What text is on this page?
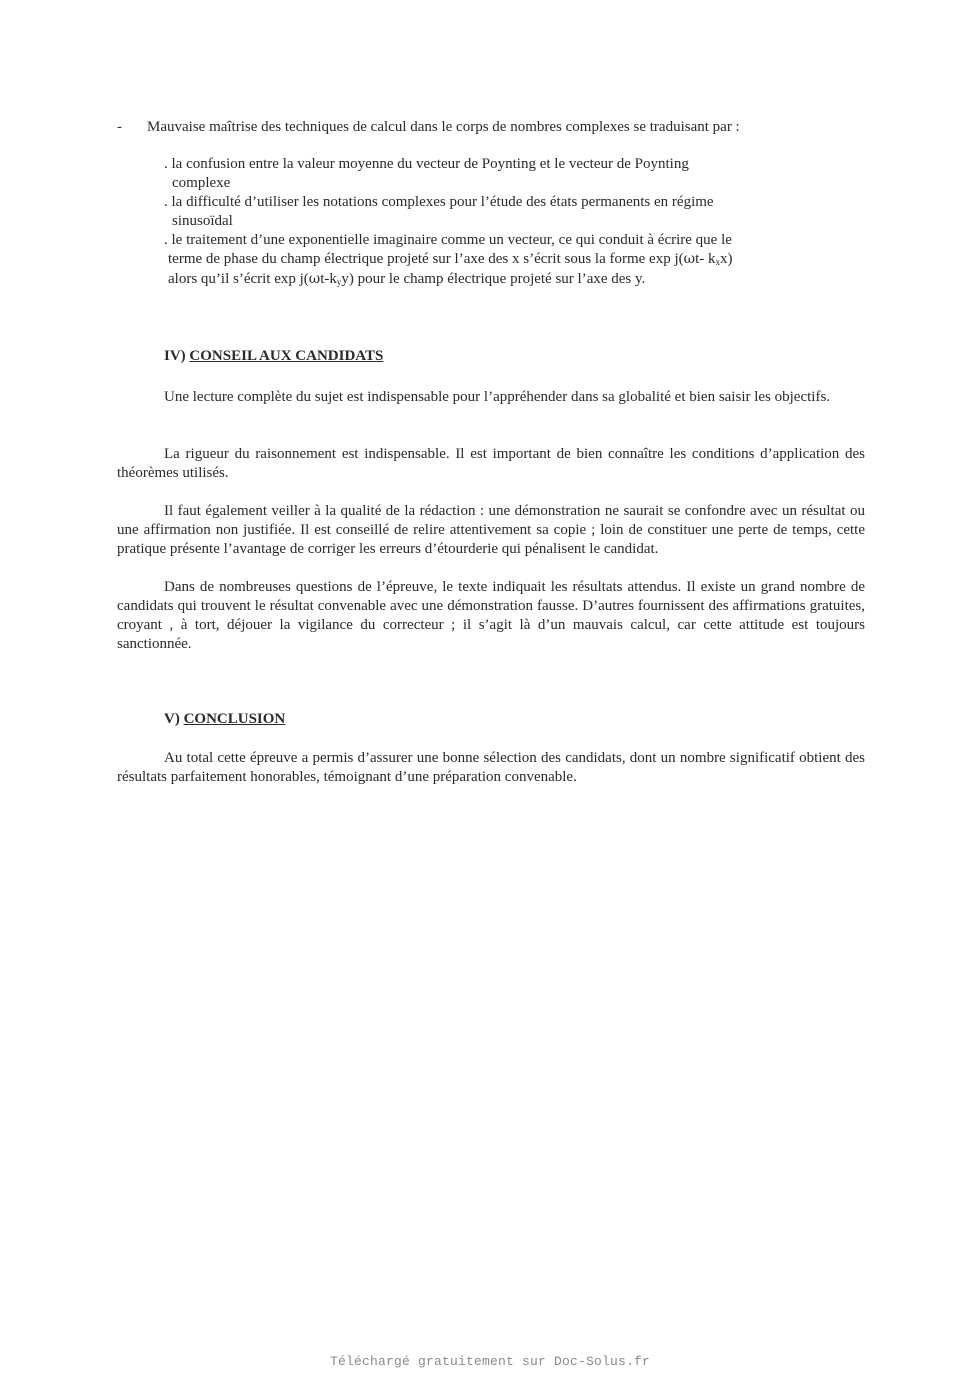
- Mauvaise maîtrise des techniques de calcul dans le corps de nombres complexes se traduisant par :
. la confusion entre la valeur moyenne du vecteur de Poynting et le vecteur de Poynting
complexe
. la difficulté d’utiliser les notations complexes pour l’étude des états permanents en régime
sinusoïdal
. le traitement d’une exponentielle imaginaire comme un vecteur, ce qui conduit à écrire que le
terme de phase du champ électrique projeté sur l’axe des x s’écrit sous la forme exp j(ωt- $k_xx$)
alors qu’il s’écrit $\exp j(\omega t-k_yy)$ pour le champ électrique projeté sur l’axe des y.
IV) CONSEIL AUX CANDIDATS

Une lecture complète du sujet est indispensable pour l’appréhender dans sa globalité et bien saisir les objectifs.

La rigueur du raisonnement est indispensable. Il est important de bien connaître les conditions d’application des théorèmes utilisés.

Il faut également veiller à la qualité de la rédaction : une démonstration ne saurait se confondre avec un résultat ou une affirmation non justifiée. Il est conseillé de relire attentivement sa copie ; loin de constituer une perte de temps, cette pratique présente l’avantage de corriger les erreurs d’étourderie qui pénalisent le candidat.

Dans de nombreuses questions de l’épreuve, le texte indiquait les résultats attendus. Il existe un grand nombre de candidats qui trouvent le résultat convenable avec une démonstration fausse. D’autres fournissent des affirmations gratuites, croyant , à tort, déjouer la vigilance du correcteur ; il s’agit là d’un mauvais calcul, car cette attitude est toujours sanctionnée.

V) CONCLUSION

Au total cette épreuve a permis d’assurer une bonne sélection des candidats, dont un nombre significatif obtient des résultats parfaitement honorables, témoignant d’une préparation convenable.

Téléchargé gratuitement sur Doc-Solus.fr
